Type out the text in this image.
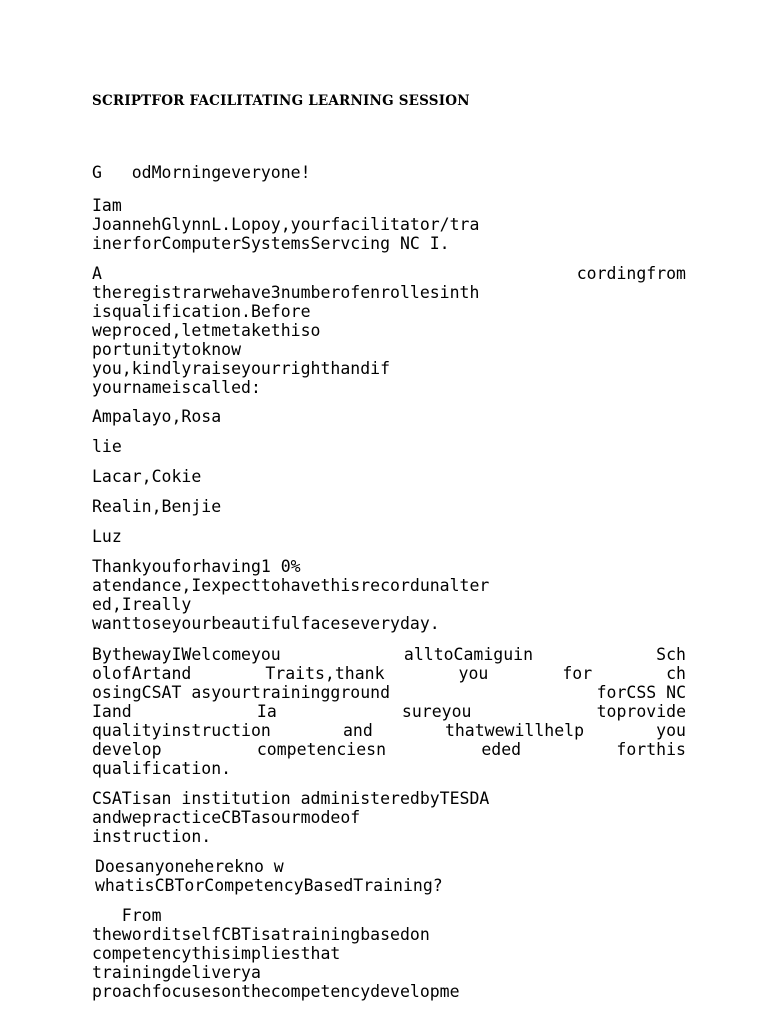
SCRIPTFOR FACILITATING LEARNING SESSION
G   odMorningeveryone!
Iam
JoannehGlynnL.Lopoy,yourfacilitator/tra
inerforComputerSystemsServcing NC I.
A	cordingfrom
theregistrarwehave3numberofenrollesinth
isqualification.Before
weproced,letmetakethiso
portunitytoknow
you,kindlyraiseyourrighthandif
yournameiscalled:
Ampalayo,Rosa
lie
Lacar,Cokie
Realin,Benjie
Luz
Thankyouforhaving1 0%
atendance,Iexpecttohavethisrecordunalter
ed,Ireally
wanttoseyourbeautifulfaceseveryday.
BythewayIWelcomeyou	alltoCamiguin	Sch
olofArtand	Traits,thank	you	for	ch
osingCSAT asyourtrainingground	forCSS NC
Iand	Ia	sureyou	toprovide
qualityinstruction	and	thatwewillhelp	you
develop	competenciesn	eded	forthis
qualification.
CSATisan institution administeredbyTESDA
andwepracticeCBTasourmodeof
instruction.
Doesanyoneherekno w
whatisCBTorCompetencyBasedTraining?
From
theworditselfCBTisatrainingbasedon
competencythisimpliesthat
trainingdeliverya
proachfocusesonthecompetencydevelopme
